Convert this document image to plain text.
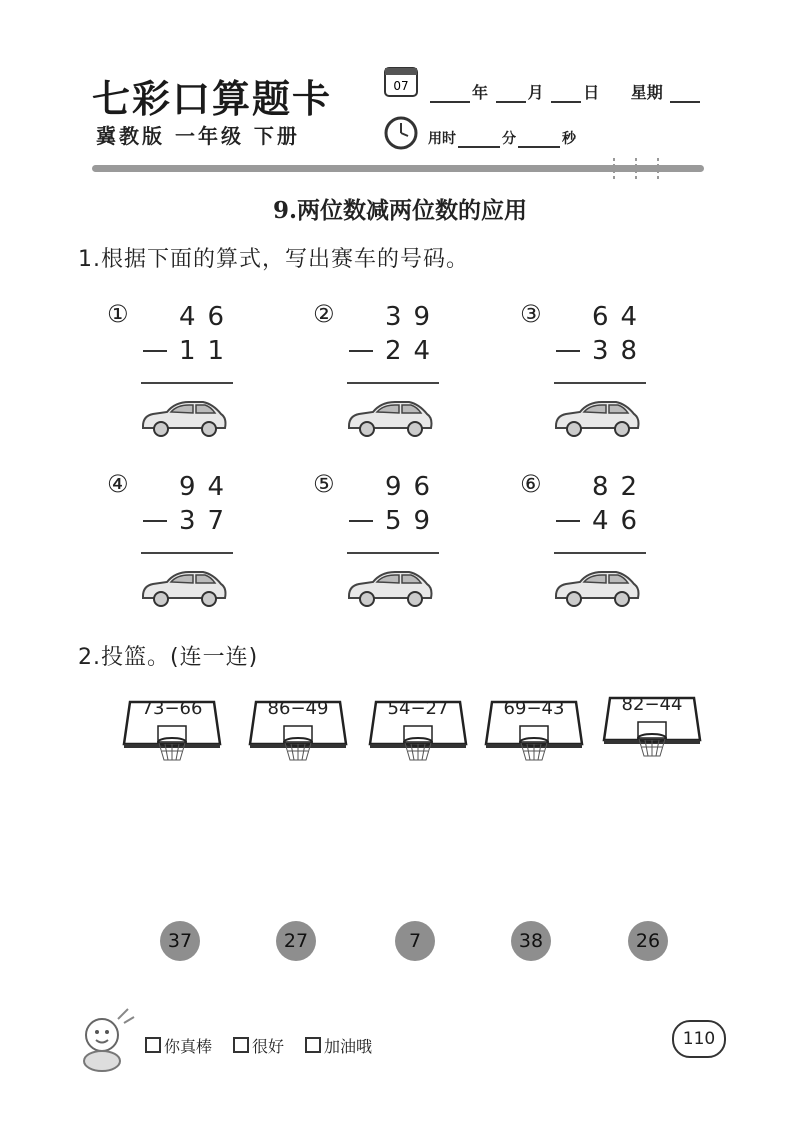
七彩口算题卡
冀教版 一年级 下册
07	年 月 日 星期
用时	分	秒
9.两位数减两位数的应用
1.根据下面的算式，写出赛车的号码。
① 46
11
② 39
24
③ 64
38
④ 94
37
⑤ 96
59
⑥ 82
46
2.投篮。(连一连)
73−66	86−49	54−27	69−43	82−44
37	27	7	38	26
你真棒	很好	加油哦	110
